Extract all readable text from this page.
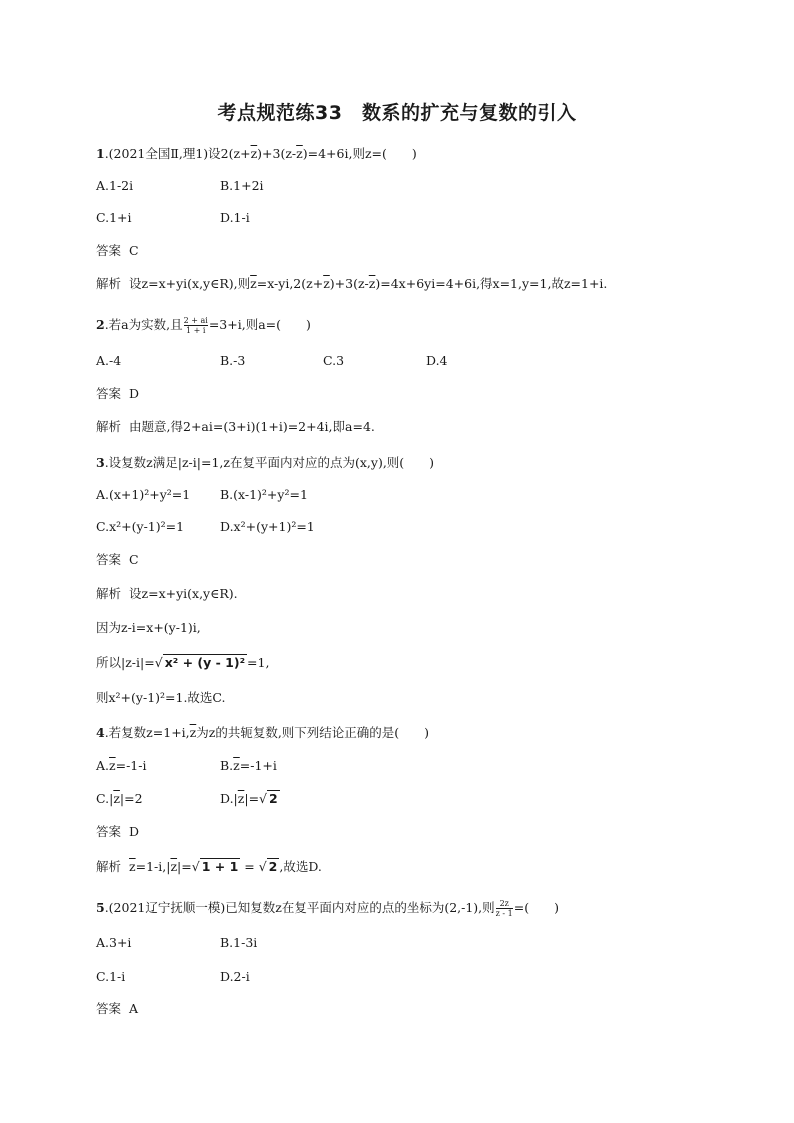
考点规范练33　数系的扩充与复数的引入
1.(2021全国Ⅱ,理1)设$2(z+\overline{z})+3(z-\overline{z})=4+6i$,则z=(　　)
A.1-2i	B.1+2i
C.1+i	D.1-i
答案 C
解析 设z=x+yi(x,y∈R),则$\overline{z}=x-yi,2(z+\overline{z})+3(z-\overline{z})=4x+6yi=4+6i$,得x=1,y=1,故z=1+i.
2.若a为实数,且 $\frac{2 + ai}{1 + i} =3+i$,则a=(　　)
A.-4	B.-3	C.3	D.4
答案 D
解析 由题意,得2+ai=(3+i)(1+i)=2+4i,即a=4.
3.设复数z满足|z-i|=1,z在复平面内对应的点为(x,y),则(　　)
A.(x+1)²+y²=1 B.(x-1)²+y²=1
C.x²+(y-1)²=1	D.x²+(y+1)²=1
答案 C
解析 设z=x+yi(x,y∈R).
因为z-i=x+(y-1)i,
所以|z-i|=√ x² + (y - 1)² =1,
则x²+(y-1)²=1.故选C.
4.若复数$z=1+i,\overline{z}$为z的共轭复数,则下列结论正确的是(　　)
$A.\overline{z}=-1-i$	$B.\overline{z}=-1+i$
$C.|\overline{z}|=2$	$D.|\overline{z}|=√$ 2
答案 D
解析 $\overline{z}=1-i,|\overline{z}|=√$ 1 + 1 = √ 2 ,故选D.
5.(2021辽宁抚顺一模)已知复数z在复平面内对应的点的坐标为(2,-1),则 $\frac{2z}{z - 1}$ =(　　)
A.3+i	B.1-3i
C.1-i	D.2-i
答案 A
